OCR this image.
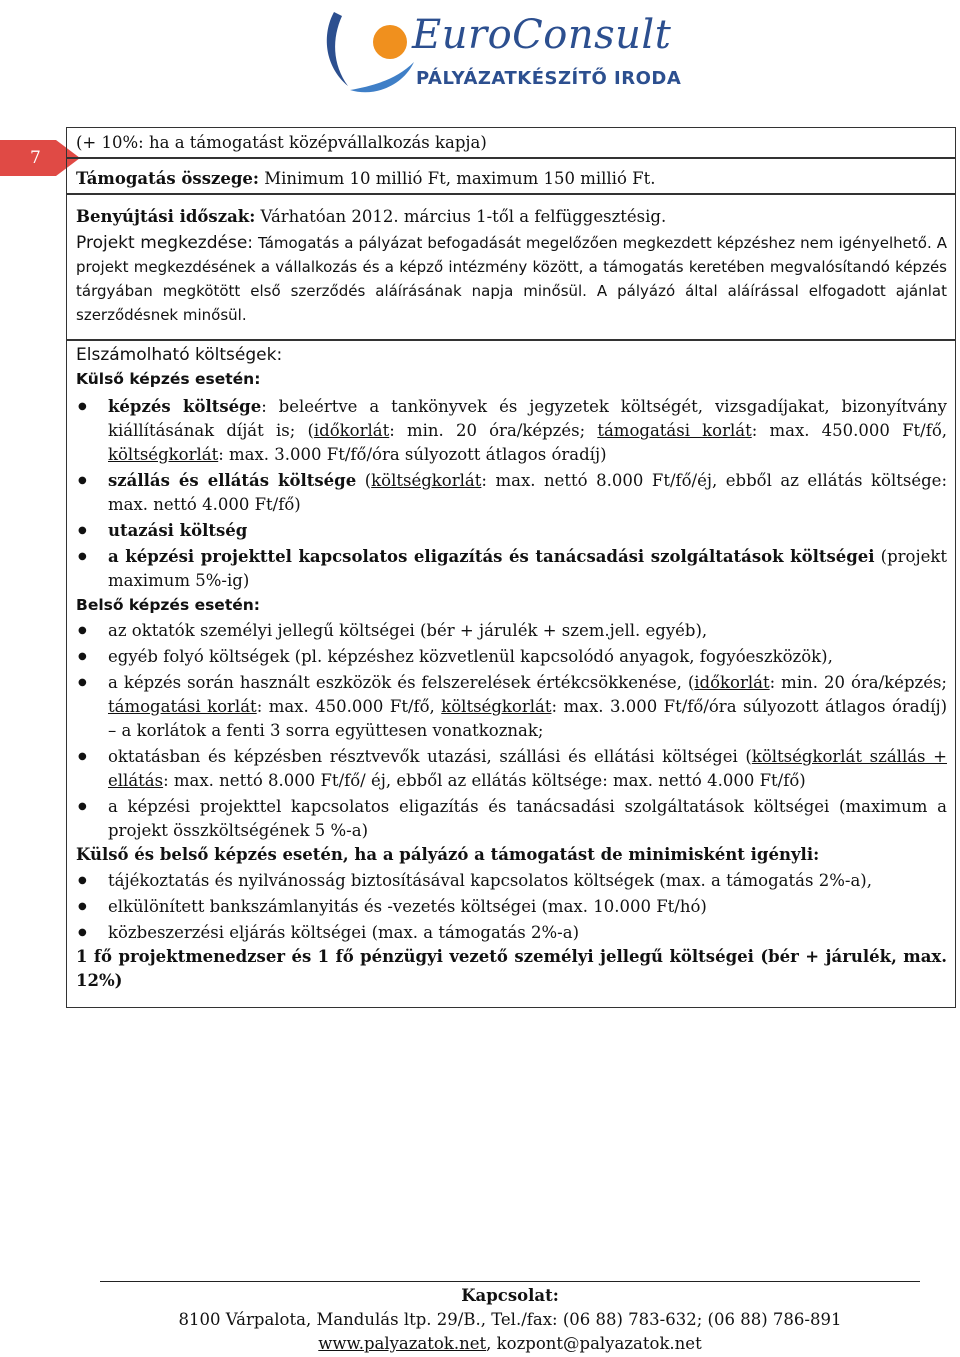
EuroConsult
PÁLYÁZATKÉSZÍTŐ IRODA
7
(+ 10%: ha a támogatást középvállalkozás kapja)
Támogatás összege: Minimum 10 millió Ft, maximum 150 millió Ft.
Benyújtási időszak: Várhatóan 2012. március 1-től a felfüggesztésig.
Projekt megkezdése: Támogatás a pályázat befogadását megelőzően megkezdett képzéshez nem igényelhető. A projekt megkezdésének a vállalkozás és a képző intézmény között, a támogatás keretében megvalósítandó képzés tárgyában megkötött első szerződés aláírásának napja minősül. A pályázó által aláírással elfogadott ajánlat szerződésnek minősül.
Elszámolható költségek:
Külső képzés esetén:
● képzés költsége: beleértve a tankönyvek és jegyzetek költségét, vizsgadíjakat, bizonyítvány kiállításának díját is; (időkorlát: min. 20 óra/képzés; támogatási korlát: max. 450.000 Ft/fő, költségkorlát: max. 3.000 Ft/fő/óra súlyozott átlagos óradíj)
● szállás és ellátás költsége (költségkorlát: max. nettó 8.000 Ft/fő/éj, ebből az ellátás költsége: max. nettó 4.000 Ft/fő)
● utazási költség
● a képzési projekttel kapcsolatos eligazítás és tanácsadási szolgáltatások költségei (projekt maximum 5%-ig)
Belső képzés esetén:
● az oktatók személyi jellegű költségei (bér + járulék + szem.jell. egyéb),
● egyéb folyó költségek (pl. képzéshez közvetlenül kapcsolódó anyagok, fogyóeszközök),
● a képzés során használt eszközök és felszerelések értékcsökkenése, (időkorlát: min. 20 óra/képzés; támogatási korlát: max. 450.000 Ft/fő, költségkorlát: max. 3.000 Ft/fő/óra súlyozott átlagos óradíj) – a korlátok a fenti 3 sorra együttesen vonatkoznak;
● oktatásban és képzésben résztvevők utazási, szállási és ellátási költségei (költségkorlát szállás + ellátás: max. nettó 8.000 Ft/fő/ éj, ebből az ellátás költsége: max. nettó 4.000 Ft/fő)
● a képzési projekttel kapcsolatos eligazítás és tanácsadási szolgáltatások költségei (maximum a projekt összköltségének 5 %-a)
Külső és belső képzés esetén, ha a pályázó a támogatást de minimisként igényli:
● tájékoztatás és nyilvánosság biztosításával kapcsolatos költségek (max. a támogatás 2%-a),
● elkülönített bankszámlanyitás és -vezetés költségei (max. 10.000 Ft/hó)
● közbeszerzési eljárás költségei (max. a támogatás 2%-a)
1 fő projektmenedzser és 1 fő pénzügyi vezető személyi jellegű költségei (bér + járulék, max. 12%)
Kapcsolat:
8100 Várpalota, Mandulás ltp. 29/B., Tel./fax: (06 88) 783-632; (06 88) 786-891
www.palyazatok.net, kozpont@palyazatok.net
